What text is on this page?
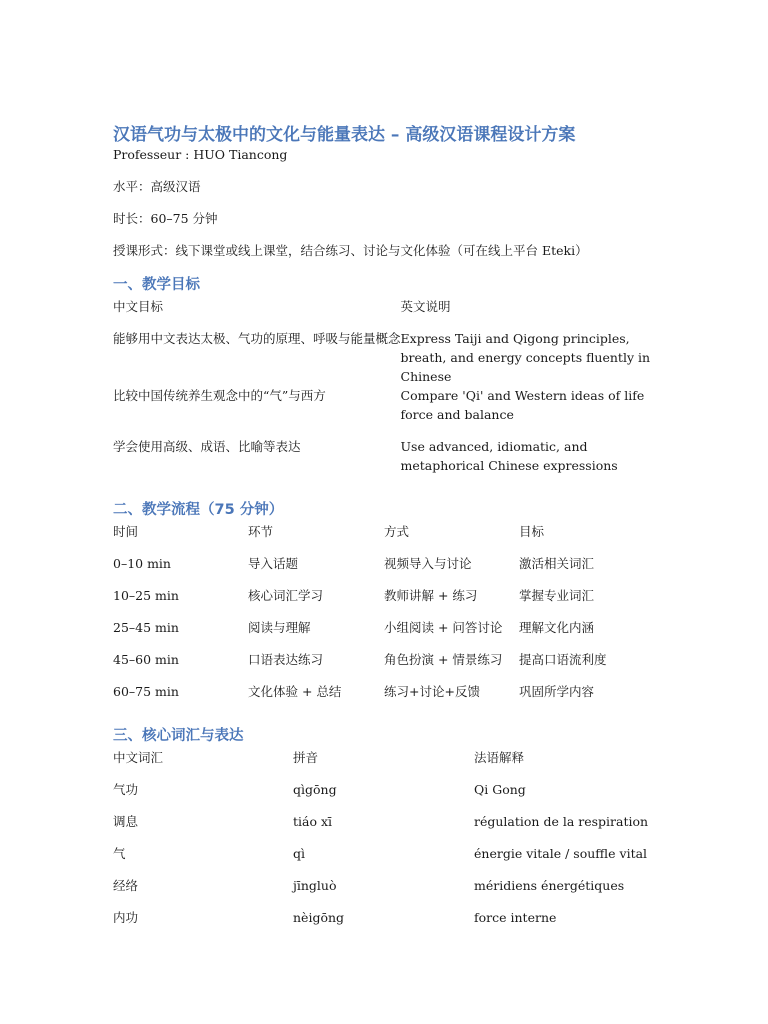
汉语气功与太极中的文化与能量表达 – 高级汉语课程设计方案

Professeur : HUO Tiancong

水平：高级汉语

时长：60–75 分钟

授课形式：线下课堂或线上课堂，结合练习、讨论与文化体验（可在线上平台 Eteki）

一、教学目标
中文目标	英文说明
能够用中文表达太极、气功的原理、呼吸与能量概念	Express Taiji and Qigong principles, breath, and energy concepts fluently in Chinese
比较中国传统养生观念中的“气”与西方	Compare 'Qi' and Western ideas of life force and balance
学会使用高级、成语、比喻等表达	Use advanced, idiomatic, and metaphorical Chinese expressions
二、教学流程（75 分钟）
时间	环节	方式	目标
0–10 min	导入话题	视频导入与讨论	激活相关词汇
10–25 min	核心词汇学习	教师讲解 + 练习	掌握专业词汇
25–45 min	阅读与理解	小组阅读 + 问答讨论	理解文化内涵
45–60 min	口语表达练习	角色扮演 + 情景练习	提高口语流利度
60–75 min	文化体验 + 总结	练习+讨论+反馈	巩固所学内容
三、核心词汇与表达
中文词汇	拼音	法语解释
气功	qìgōng	Qi Gong
调息	tiáo xī	régulation de la respiration
气	qì	énergie vitale / souffle vital
经络	jīngluò	méridiens énergétiques
内功	nèigōng	force interne
